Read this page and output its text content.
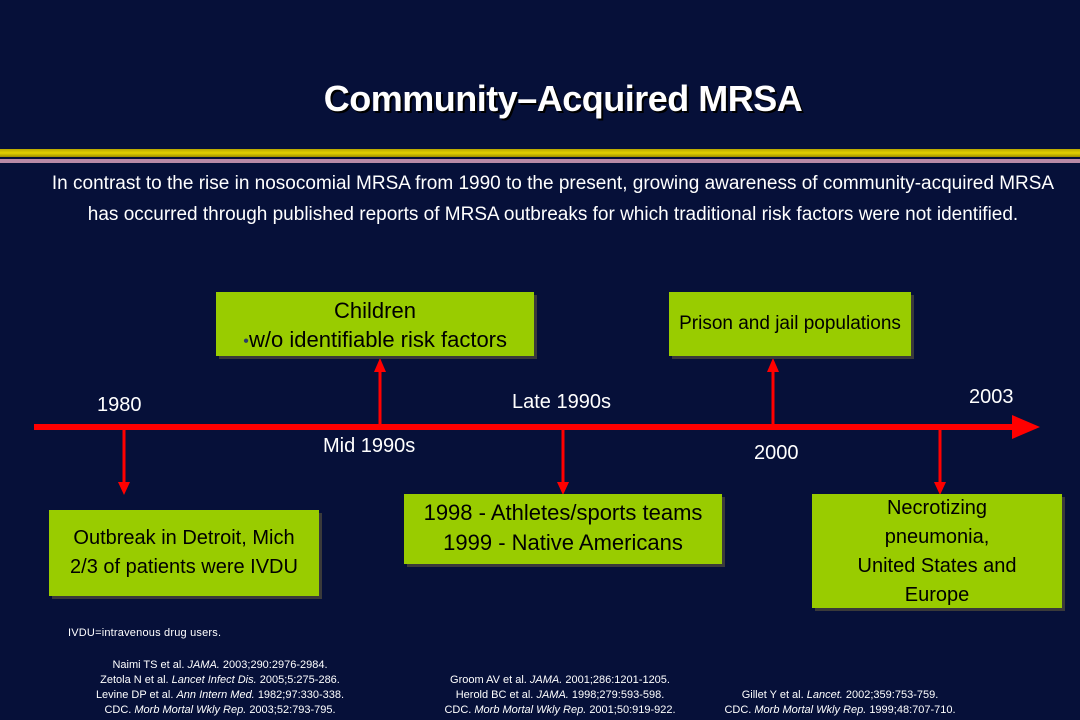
Community–Acquired MRSA
In contrast to the rise in nosocomial MRSA from 1990 to the present, growing awareness of community-acquired MRSA has occurred through published reports of MRSA outbreaks for which traditional risk factors were not identified.
1980
Mid 1990s
Late 1990s
2000
2003
Children
●w/o identifiable risk factors
Prison and jail populations
Outbreak in Detroit, Mich
2/3 of patients were IVDU
1998 - Athletes/sports teams
1999 - Native Americans
Necrotizing
pneumonia,
United States and
Europe
IVDU=intravenous drug users.
Naimi TS et al. JAMA. 2003;290:2976-2984.
Zetola N et al. Lancet Infect Dis. 2005;5:275-286.
Levine DP et al. Ann Intern Med. 1982;97:330-338.
CDC. Morb Mortal Wkly Rep. 2003;52:793-795.
Groom AV et al. JAMA. 2001;286:1201-1205.
Herold BC et al. JAMA. 1998;279:593-598.
CDC. Morb Mortal Wkly Rep. 2001;50:919-922.
Gillet Y et al. Lancet. 2002;359:753-759.
CDC. Morb Mortal Wkly Rep. 1999;48:707-710.
